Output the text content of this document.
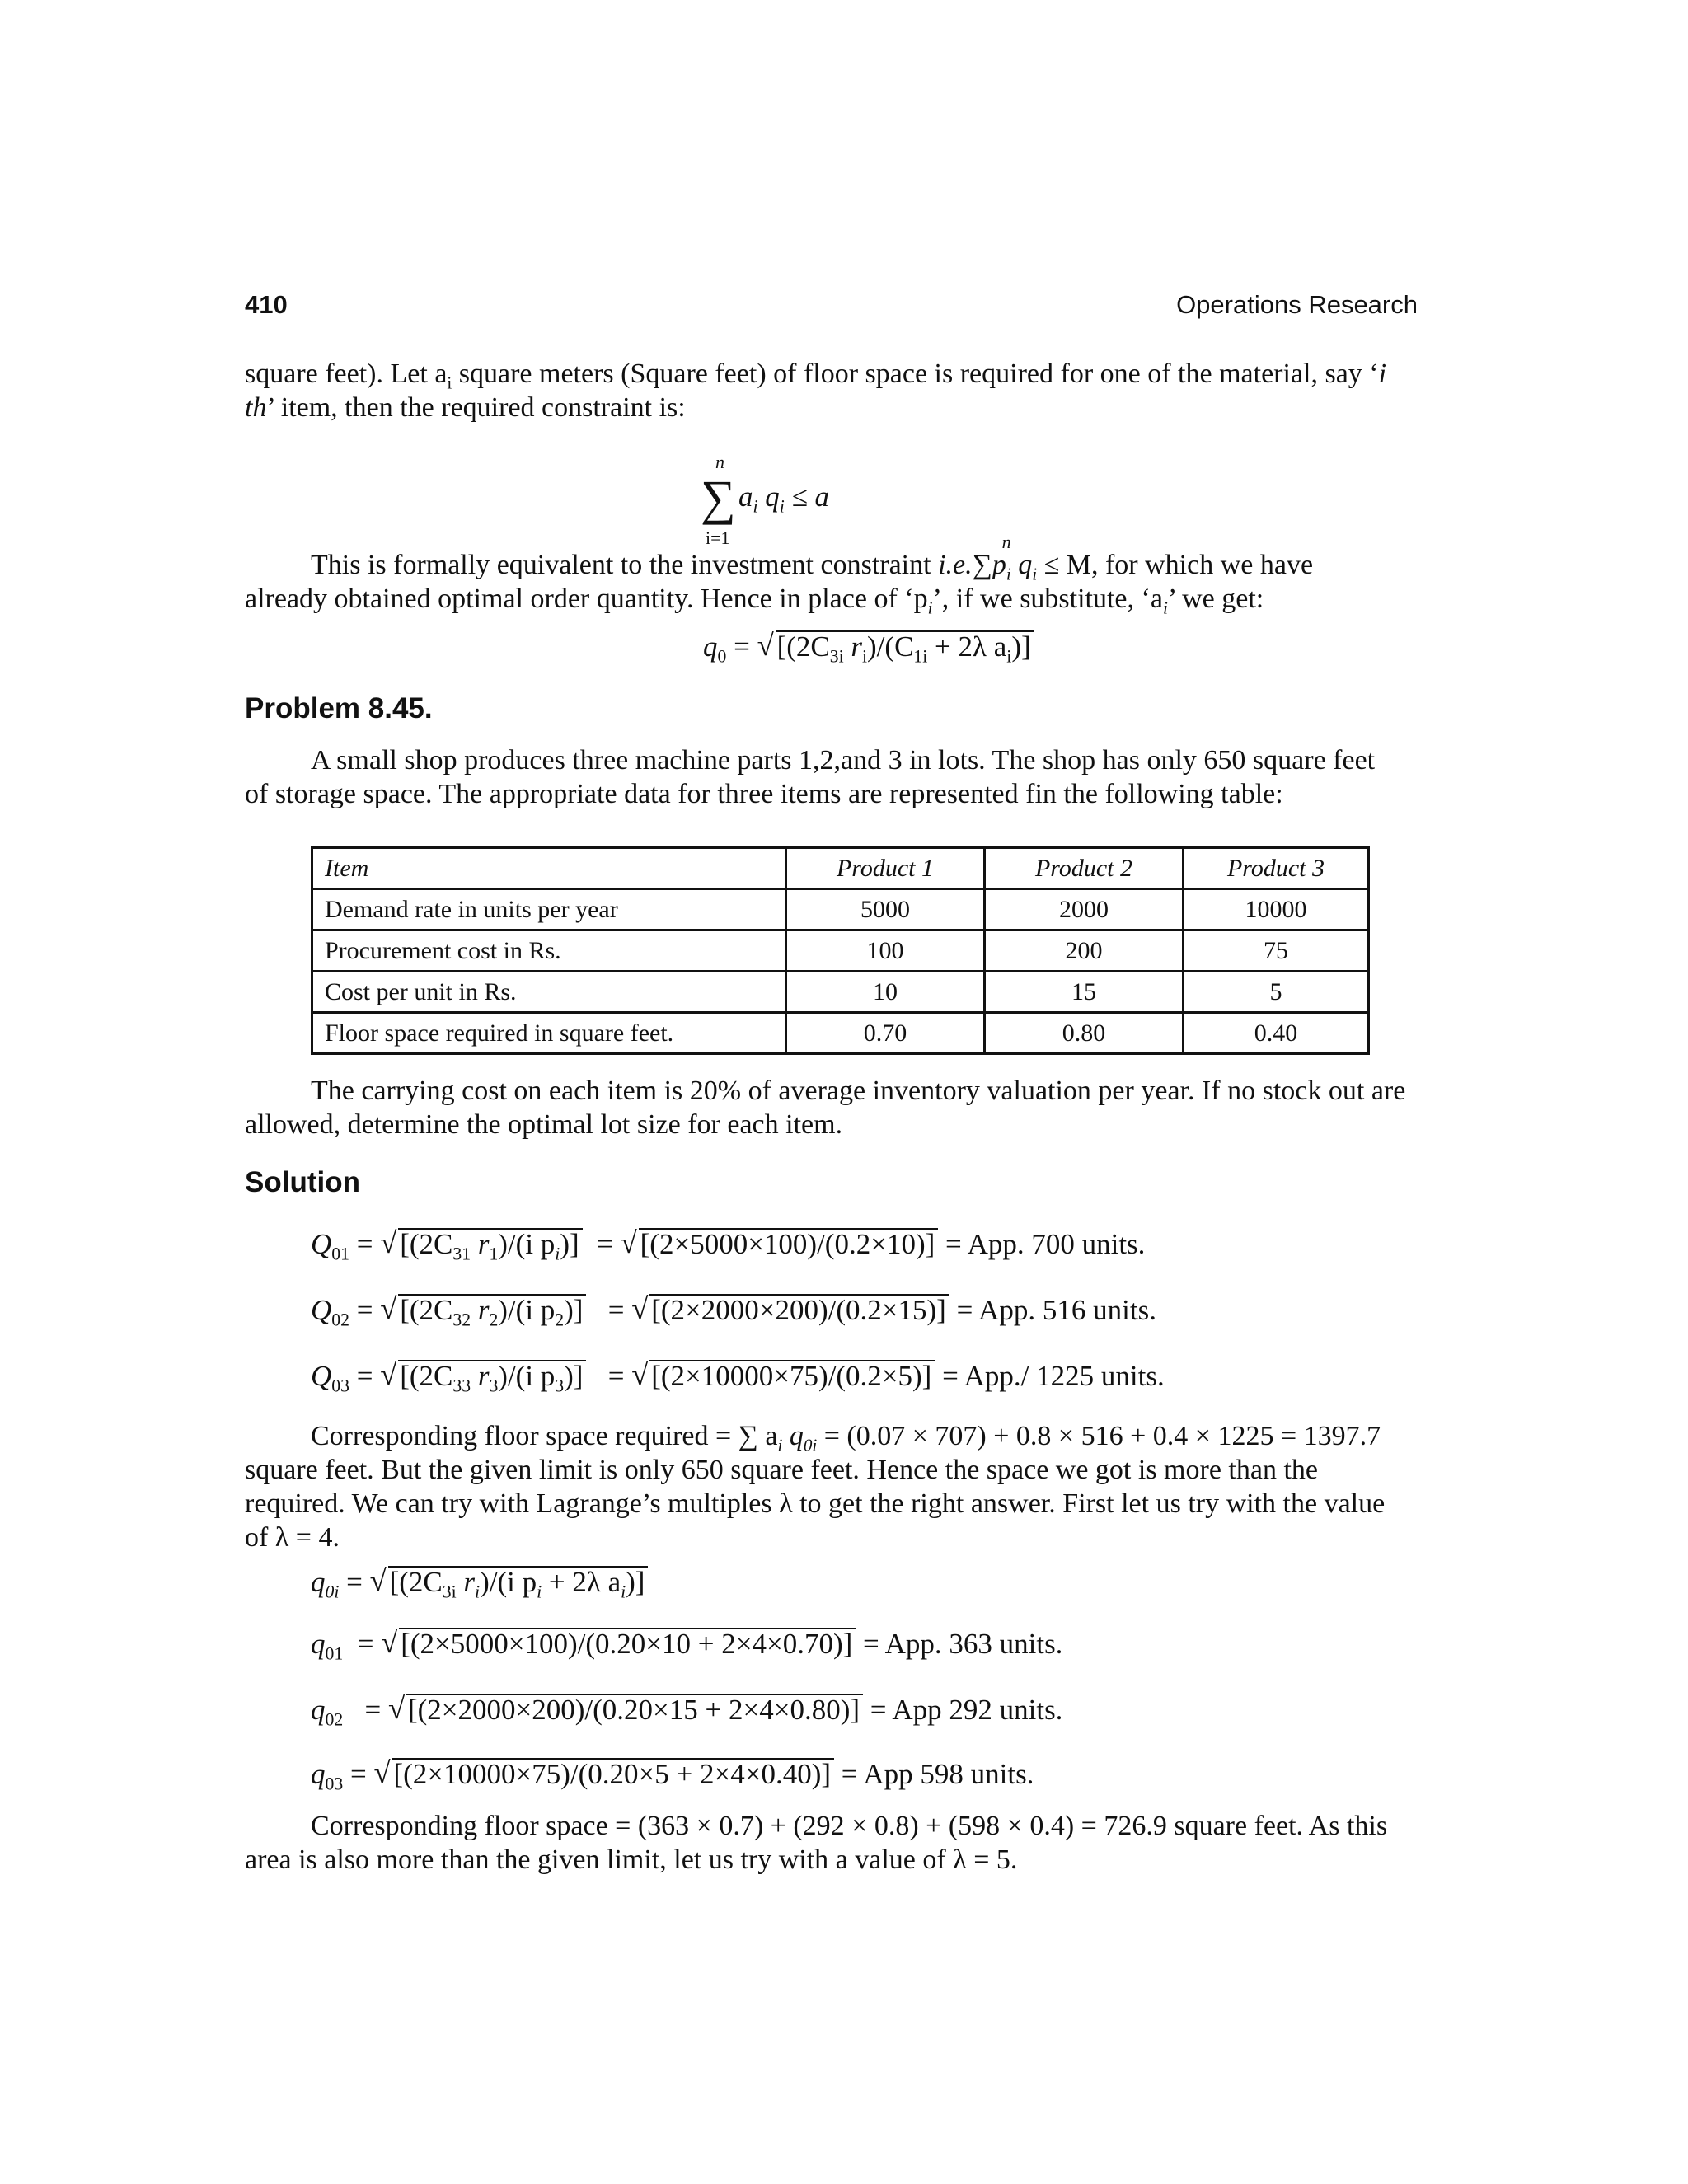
410	Operations Research
square feet). Let $a_i$ square meters (Square feet) of floor space is required for one of the material, say ‘i
th’ item, then the required constraint is:
n
∑
i=1
$a_i$ $q_i \le a$
This is formally equivalent to the investment constraint i.e.
n
$\sum p_i$ $q_i \le M$, for which we have
already obtained optimal order quantity. Hence in place of ‘$p_i$’, if we substitute, ‘$a_i$’ we get:
$q_0$ = √ [($2C_{3i}$ $r_i)/(C_{1i} + 2\lambda$ $a_i$)]
Problem 8.45.
A small shop produces three machine parts 1,2,and 3 in lots. The shop has only 650 square feet
of storage space. The appropriate data for three items are represented fin the following table:
Item	Product 1	Product 2	Product 3
Demand rate in units per year	5000	2000	10000
Procurement cost in Rs.	100	200	75
Cost per unit in Rs.	10	15	5
Floor space required in square feet.	0.70	0.80	0.40
The carrying cost on each item is 20% of average inventory valuation per year. If no stock out are
allowed, determine the optimal lot size for each item.
Solution
$Q_{01}$ = √ [($2C_{31}$ $r_1)/(i$ $p_i$)]  = √ [(2×5000×100)/(0.2×10)] = App. 700 units.
$Q_{02}$ = √ [($2C_{32}$ $r_2)/(i$ $p_2$)]   = √ [(2×2000×200)/(0.2×15)] = App. 516 units.
$Q_{03}$ = √ [($2C_{33}$ $r_3)/(i$ $p_3$)]   = √ [(2×10000×75)/(0.2×5)] = App./ 1225 units.
Corresponding floor space required = ∑ $a_i$ $q_{0i} = (0.07 \times 707) + 0.8 \times 516 + 0.4 \times 1225 = 1397.7$
square feet. But the given limit is only 650 square feet. Hence the space we got is more than the
required. We can try with Lagrange’s multiples λ to get the right answer. First let us try with the value
of λ = 4.
$q_{0i}$ = √ [($2C_{3i}$ $r_i)/(i$ $p_i + 2\lambda$ $a_i$)]
$q_{01}$  = √ [(2×5000×100)/(0.20×10 + 2×4×0.70)] = App. 363 units.
$q_{02}$   = √ [(2×2000×200)/(0.20×15 + 2×4×0.80)] = App 292 units.
$q_{03}$ = √ [(2×10000×75)/(0.20×5 + 2×4×0.40)] = App 598 units.
Corresponding floor space = (363 × 0.7) + (292 × 0.8) + (598 × 0.4) = 726.9 square feet. As this
area is also more than the given limit, let us try with a value of λ = 5.
